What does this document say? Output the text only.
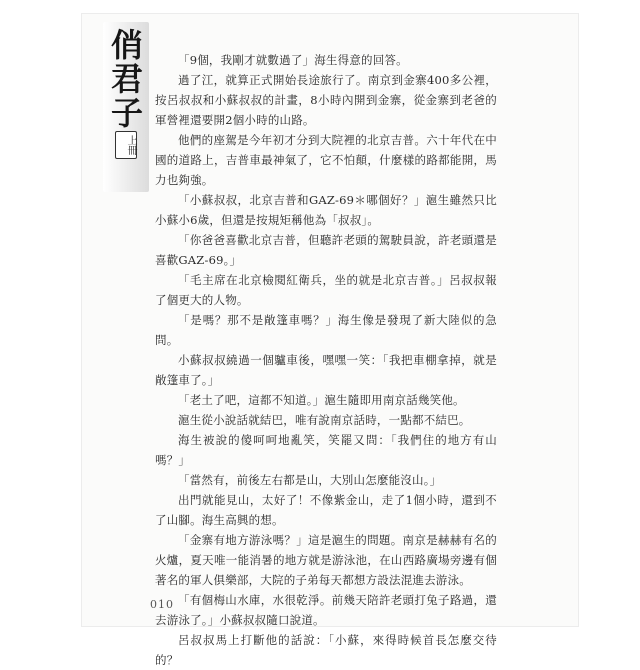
俏君子
上冊

「9個，我剛才就數過了」海生得意的回答。

過了江，就算正式開始長途旅行了。南京到金寨400多公裡，按呂叔叔和小蘇叔叔的計畫，8小時內開到金寨，從金寨到老爸的軍營裡還要開2個小時的山路。

他們的座駕是今年初才分到大院裡的北京吉普。六十年代在中國的道路上，吉普車最神氣了，它不怕顛，什麼樣的路都能開，馬力也夠強。

「小蘇叔叔，北京吉普和GAZ-69＊哪個好？」滬生雖然只比小蘇小6歲，但還是按規矩稱他為「叔叔」。

「你爸爸喜歡北京吉普，但聽許老頭的駕駛員說，許老頭還是喜歡GAZ-69。」

「毛主席在北京檢閱紅衛兵，坐的就是北京吉普。」呂叔叔報了個更大的人物。

「是嗎？那不是敞篷車嗎？」海生像是發現了新大陸似的急問。

小蘇叔叔繞過一個驢車後，嘿嘿一笑：「我把車棚拿掉，就是敞篷車了。」

「老土了吧，這都不知道。」滬生隨即用南京話幾笑他。

滬生從小說話就結巴，唯有說南京話時，一點都不結巴。

海生被說的傻呵呵地亂笑，笑罷又問：「我們住的地方有山嗎？」

「當然有，前後左右都是山，大別山怎麼能沒山。」

出門就能見山，太好了！不像紫金山，走了1個小時，還到不了山腳。海生高興的想。

「金寨有地方游泳嗎？」這是滬生的問題。南京是赫赫有名的火爐，夏天唯一能消暑的地方就是游泳池，在山西路廣場旁邊有個著名的軍人俱樂部，大院的子弟每天都想方設法混進去游泳。

「有個梅山水庫，水很乾淨。前幾天陪許老頭打兔子路過，還去游泳了。」小蘇叔叔隨口說道。

呂叔叔馬上打斷他的話說：「小蘇，來得時候首長怎麼交待的？

010
